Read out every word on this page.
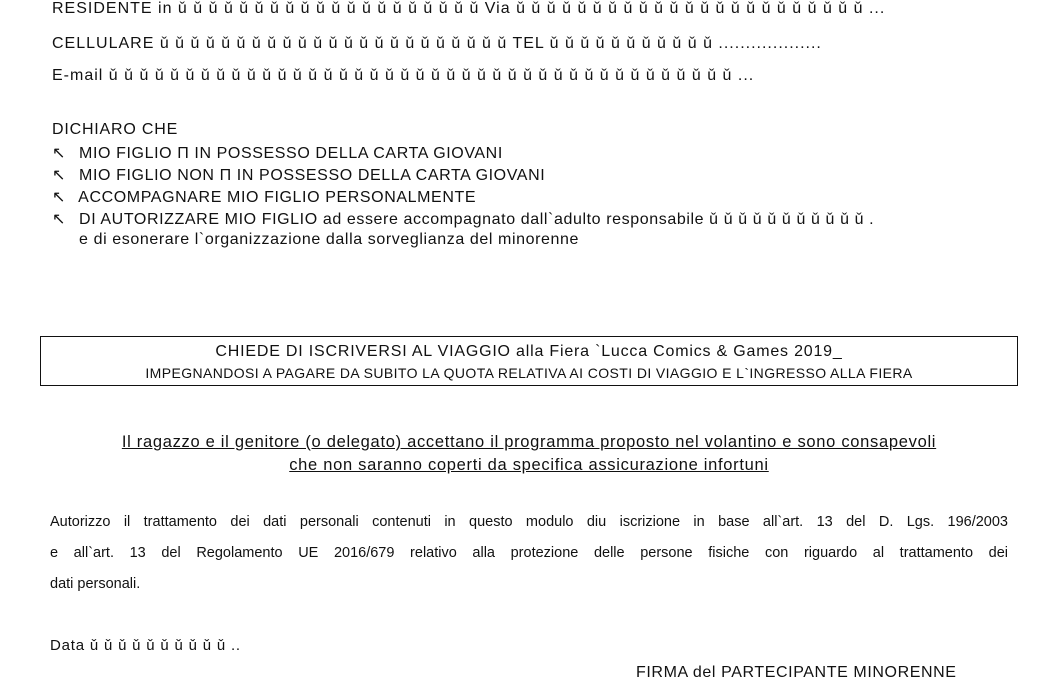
RESIDENTE in ǔ ǔ ǔ ǔ ǔ ǔ ǔ ǔ ǔ ǔ ǔ ǔ ǔ ǔ ǔ ǔ ǔ ǔ ǔ ǔ Via ǔ ǔ ǔ ǔ ǔ ǔ ǔ ǔ ǔ ǔ ǔ ǔ ǔ ǔ ǔ ǔ ǔ ǔ ǔ ǔ ǔ ǔ ǔ ...
CELLULARE ǔ ǔ ǔ ǔ ǔ ǔ ǔ ǔ ǔ ǔ ǔ ǔ ǔ ǔ ǔ ǔ ǔ ǔ ǔ ǔ ǔ ǔ ǔ TEL ǔ ǔ ǔ ǔ ǔ ǔ ǔ ǔ ǔ ǔ ǔ ...................
E-mail ǔ ǔ ǔ ǔ ǔ ǔ ǔ ǔ ǔ ǔ ǔ ǔ ǔ ǔ ǔ ǔ ǔ ǔ ǔ ǔ ǔ ǔ ǔ ǔ ǔ ǔ ǔ ǔ ǔ ǔ ǔ ǔ ǔ ǔ ǔ ǔ ǔ ǔ ǔ ǔ ǔ ...
DICHIARO CHE
↖ MIO FIGLIO Π IN POSSESSO DELLA CARTA GIOVANI
↖ MIO FIGLIO NON Π IN POSSESSO DELLA CARTA GIOVANI
↖ ACCOMPAGNARE MIO FIGLIO PERSONALMENTE
↖ DI AUTORIZZARE MIO FIGLIO ad essere accompagnato dall`adulto responsabile ǔ ǔ ǔ ǔ ǔ ǔ ǔ ǔ ǔ ǔ ǔ .
e di esonerare l`organizzazione dalla sorveglianza del minorenne
CHIEDE DI ISCRIVERSI AL VIAGGIO alla Fiera `Lucca Comics & Games 2019_
IMPEGNANDOSI A PAGARE DA SUBITO LA QUOTA RELATIVA AI COSTI DI VIAGGIO E L`INGRESSO ALLA FIERA
Il ragazzo e il genitore (o delegato) accettano il programma proposto nel volantino e sono consapevoli
che non saranno coperti da specifica assicurazione infortuni
Autorizzo il trattamento dei dati personali contenuti in questo modulo diu iscrizione in base all`art. 13 del D. Lgs. 196/2003
e all`art. 13 del Regolamento UE 2016/679 relativo alla protezione delle persone fisiche con riguardo al trattamento dei
dati personali.
Data ǔ ǔ ǔ ǔ ǔ ǔ ǔ ǔ ǔ ǔ ..
FIRMA del PARTECIPANTE MINORENNE
